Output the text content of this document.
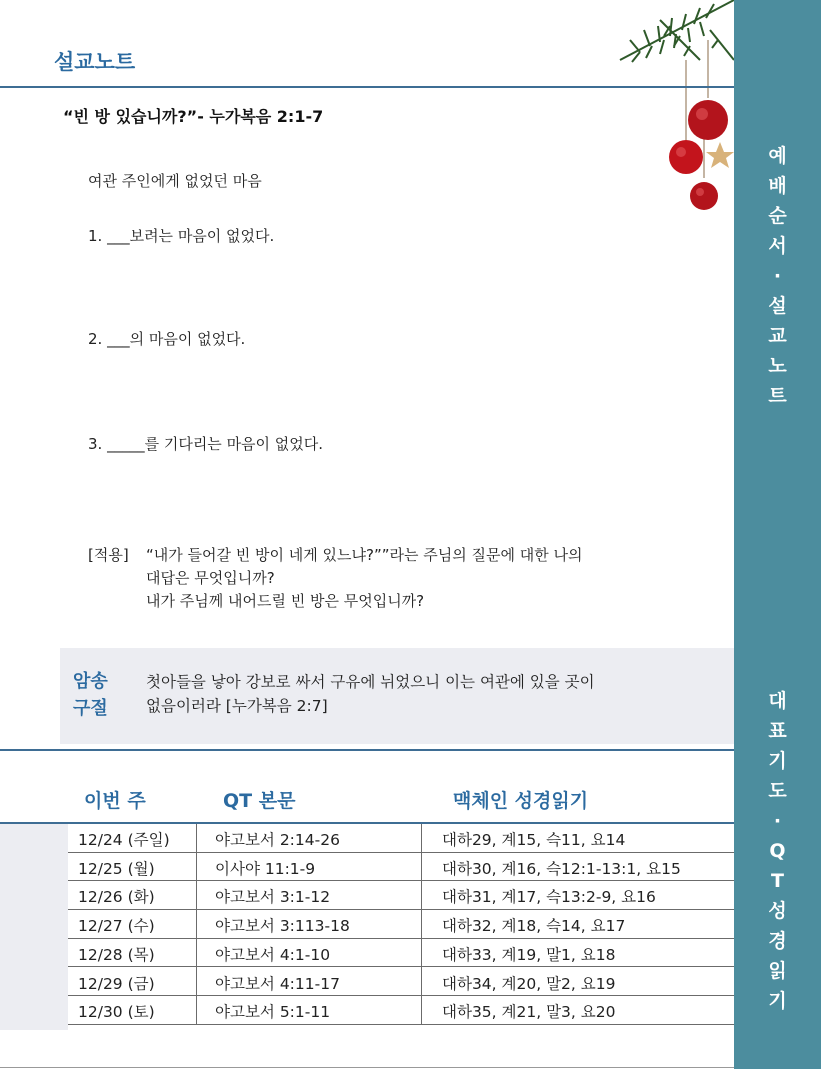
예
배
순
서
·
설
교
노
트
대
표
기
도
·
Q
T
성
경
읽
기
설교노트
“빈 방 있습니까?”- 누가복음 2:1-7
여관 주인에게 없었던 마음
1. ___보려는 마음이 없었다.
2. ___의 마음이 없었다.
3. _____를 기다리는 마음이 없었다.
[적용] “내가 들어갈 빈 방이 네게 있느냐?””라는 주님의 질문에 대한 나의
대답은 무엇입니까?
내가 주님께 내어드릴 빈 방은 무엇입니까?
암송
구절
첫아들을 낳아 강보로 싸서 구유에 뉘었으니 이는 여관에 있을 곳이
없음이러라 [누가복음 2:7]
이번 주	QT 본문	맥체인 성경읽기
12/24 (주일)	야고보서 2:14-26	대하29, 계15, 슥11, 요14
12/25 (월)	이사야 11:1-9	대하30, 계16, 슥12:1-13:1, 요15
12/26 (화)	야고보서 3:1-12	대하31, 계17, 슥13:2-9, 요16
12/27 (수)	야고보서 3:113-18	대하32, 계18, 슥14, 요17
12/28 (목)	야고보서 4:1-10	대하33, 계19, 말1, 요18
12/29 (금)	야고보서 4:11-17	대하34, 계20, 말2, 요19
12/30 (토)	야고보서 5:1-11	대하35, 계21, 말3, 요20
